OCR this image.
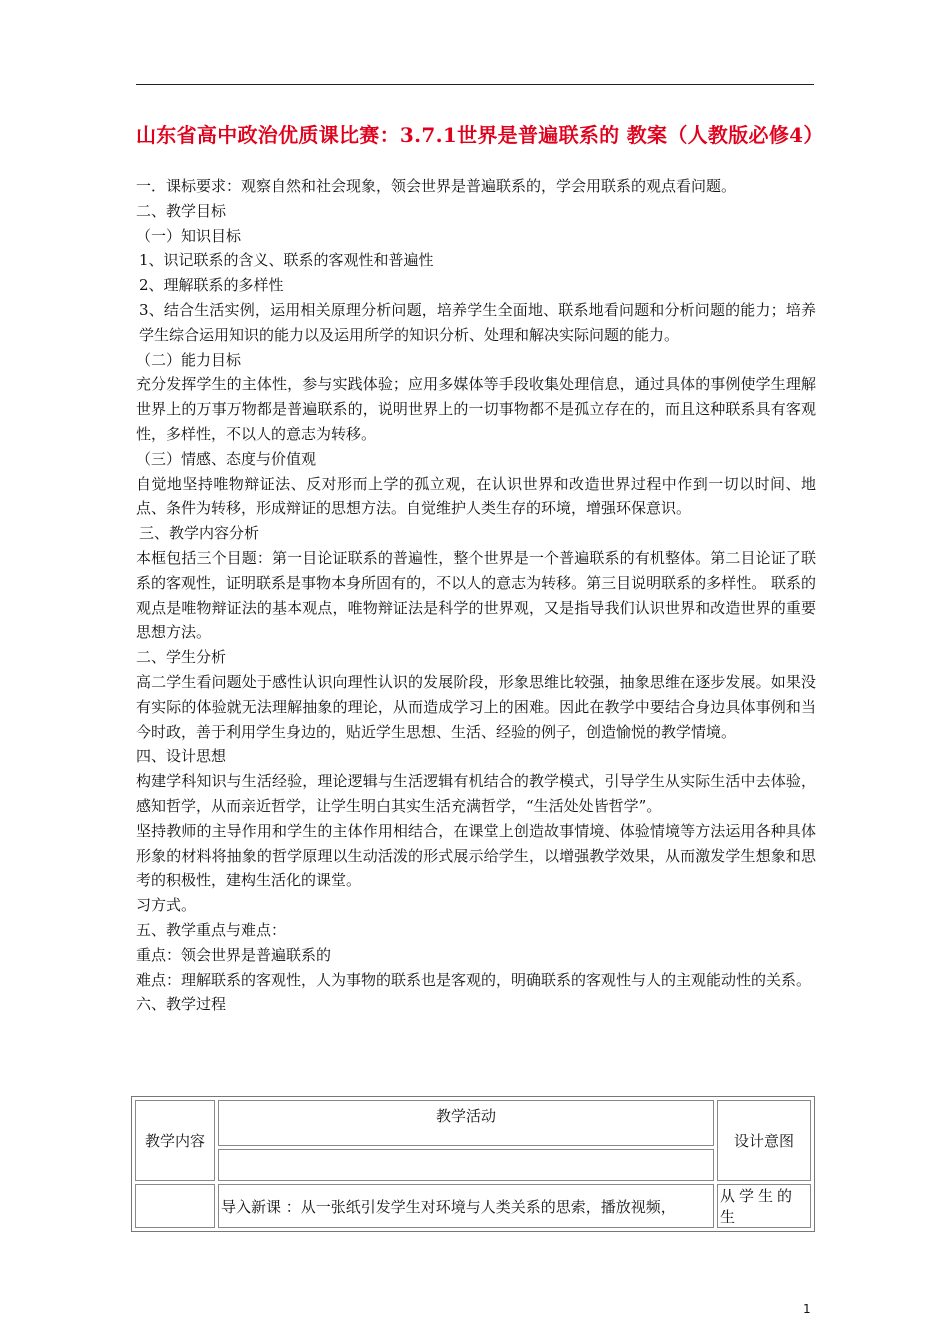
山东省高中政治优质课比赛：3.7.1世界是普遍联系的 教案（人教版必修4）

一．课标要求：观察自然和社会现象，领会世界是普遍联系的，学会用联系的观点看问题。

二、教学目标

（一）知识目标

1、识记联系的含义、联系的客观性和普遍性

2、理解联系的多样性

3、结合生活实例，运用相关原理分析问题，培养学生全面地、联系地看问题和分析问题的能力；培养学生综合运用知识的能力以及运用所学的知识分析、处理和解决实际问题的能力。

（二）能力目标

充分发挥学生的主体性，参与实践体验；应用多媒体等手段收集处理信息，通过具体的事例使学生理解世界上的万事万物都是普遍联系的，说明世界上的一切事物都不是孤立存在的，而且这种联系具有客观性，多样性，不以人的意志为转移。

（三）情感、态度与价值观

自觉地坚持唯物辩证法、反对形而上学的孤立观，在认识世界和改造世界过程中作到一切以时间、地点、条件为转移，形成辩证的思想方法。自觉维护人类生存的环境，增强环保意识。

三、教学内容分析

本框包括三个目题：第一目论证联系的普遍性，整个世界是一个普遍联系的有机整体。第二目论证了联系的客观性，证明联系是事物本身所固有的，不以人的意志为转移。第三目说明联系的多样性。 联系的观点是唯物辩证法的基本观点，唯物辩证法是科学的世界观，又是指导我们认识世界和改造世界的重要思想方法。

二、学生分析

高二学生看问题处于感性认识向理性认识的发展阶段，形象思维比较强，抽象思维在逐步发展。如果没有实际的体验就无法理解抽象的理论，从而造成学习上的困难。因此在教学中要结合身边具体事例和当今时政，善于利用学生身边的，贴近学生思想、生活、经验的例子，创造愉悦的教学情境。

四、设计思想

构建学科知识与生活经验，理论逻辑与生活逻辑有机结合的教学模式，引导学生从实际生活中去体验，感知哲学，从而亲近哲学，让学生明白其实生活充满哲学，“生活处处皆哲学”。

坚持教师的主导作用和学生的主体作用相结合，在课堂上创造故事情境、体验情境等方法运用各种具体形象的材料将抽象的哲学原理以生动活泼的形式展示给学生，以增强教学效果，从而激发学生想象和思考的积极性，建构生活化的课堂。

习方式。

五、教学重点与难点：

重点：领会世界是普遍联系的

难点：理解联系的客观性，人为事物的联系也是客观的，明确联系的客观性与人的主观能动性的关系。

六、教学过程

教学内容	教学活动	设计意图

	导入新课 ：从一张纸引发学生对环境与人类关系的思索，播放视频，	从学生的生
1
